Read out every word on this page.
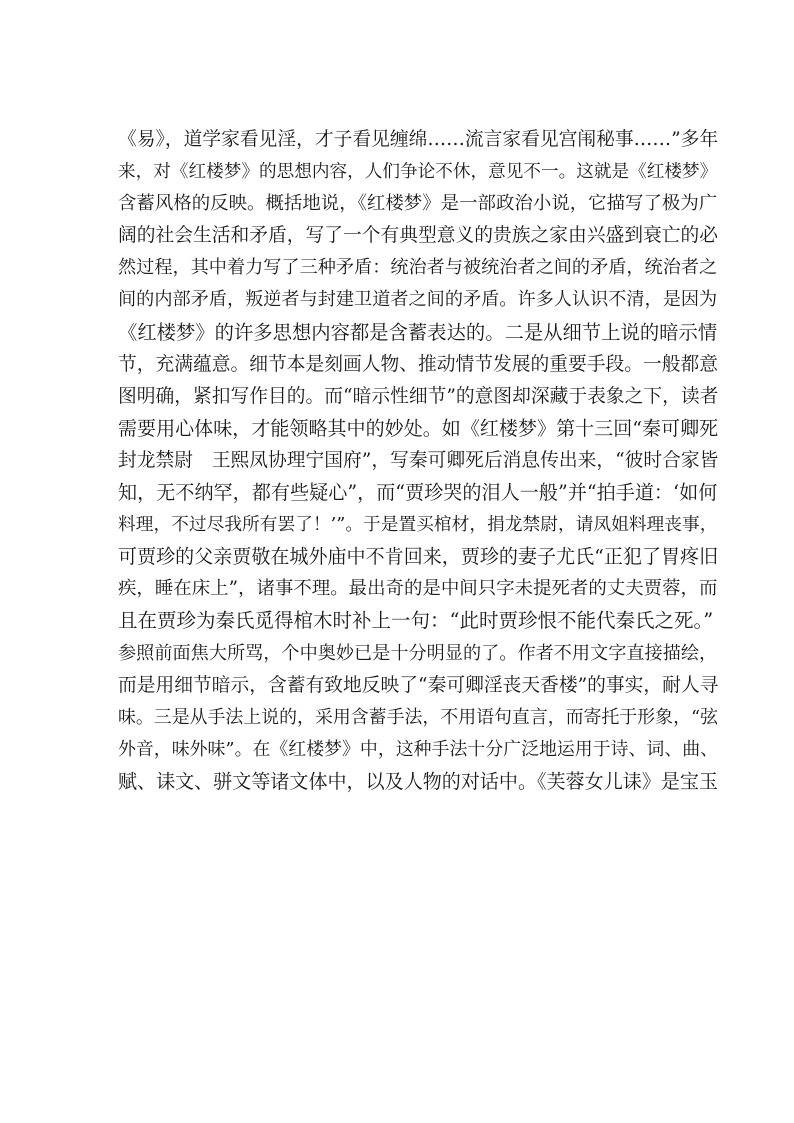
《易》，道学家看见淫，才子看见缠绵……流言家看见宫闱秘事……”多年
来，对《红楼梦》的思想内容，人们争论不休，意见不一。这就是《红楼梦》
含蓄风格的反映。概括地说，《红楼梦》是一部政治小说，它描写了极为广
阔的社会生活和矛盾，写了一个有典型意义的贵族之家由兴盛到衰亡的必
然过程，其中着力写了三种矛盾：统治者与被统治者之间的矛盾，统治者之
间的内部矛盾，叛逆者与封建卫道者之间的矛盾。许多人认识不清，是因为
《红楼梦》的许多思想内容都是含蓄表达的。二是从细节上说的暗示情
节，充满蕴意。细节本是刻画人物、推动情节发展的重要手段。一般都意
图明确，紧扣写作目的。而“暗示性细节”的意图却深藏于表象之下，读者
需要用心体味，才能领略其中的妙处。如《红楼梦》第十三回“秦可卿死
封龙禁尉　王熙凤协理宁国府”，写秦可卿死后消息传出来，“彼时合家皆
知，无不纳罕，都有些疑心”，而“贾珍哭的泪人一般”并“拍手道：‘如何
料理，不过尽我所有罢了！’”。于是置买棺材，捐龙禁尉，请凤姐料理丧事，
可贾珍的父亲贾敬在城外庙中不肯回来，贾珍的妻子尤氏“正犯了胃疼旧
疾，睡在床上”，诸事不理。最出奇的是中间只字未提死者的丈夫贾蓉，而
且在贾珍为秦氏觅得棺木时补上一句：“此时贾珍恨不能代秦氏之死。”
参照前面焦大所骂，个中奥妙已是十分明显的了。作者不用文字直接描绘，
而是用细节暗示，含蓄有致地反映了“秦可卿淫丧天香楼”的事实，耐人寻
味。三是从手法上说的，采用含蓄手法，不用语句直言，而寄托于形象，“弦
外音，味外味”。在《红楼梦》中，这种手法十分广泛地运用于诗、词、曲、
赋、诔文、骈文等诸文体中，以及人物的对话中。《芙蓉女儿诔》是宝玉
